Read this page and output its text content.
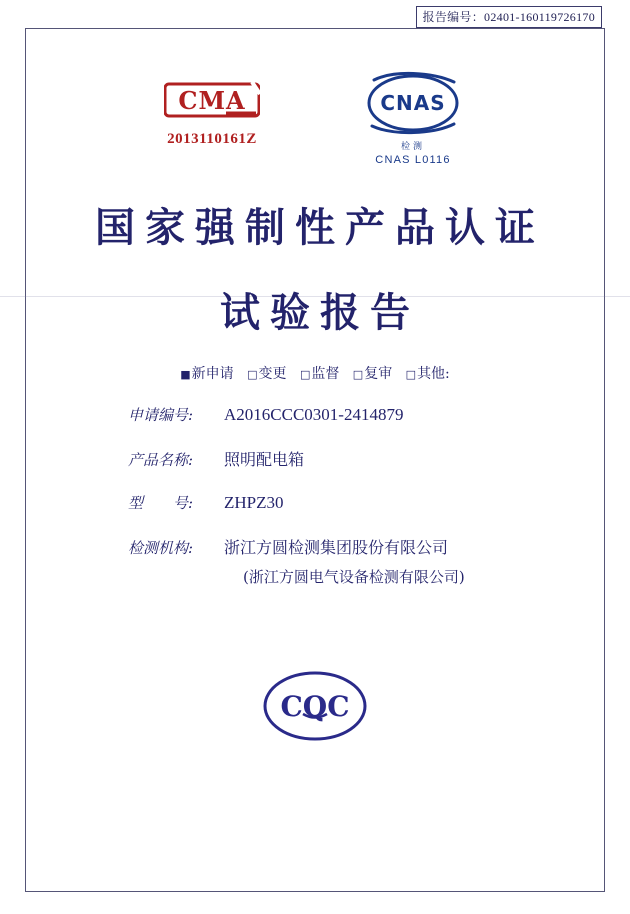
报告编号：02401-160119726170
CMA
2013110161Z
CNAS
检测
CNAS L0116
国家强制性产品认证
试验报告
■新申请 □变更 □监督 □复审 □其他:
申请编号:	A2016CCC0301-2414879
产品名称:	照明配电箱
型　　号:	ZHPZ30
检测机构:	浙江方圆检测集团股份有限公司
(浙江方圆电气设备检测有限公司)
CQC
